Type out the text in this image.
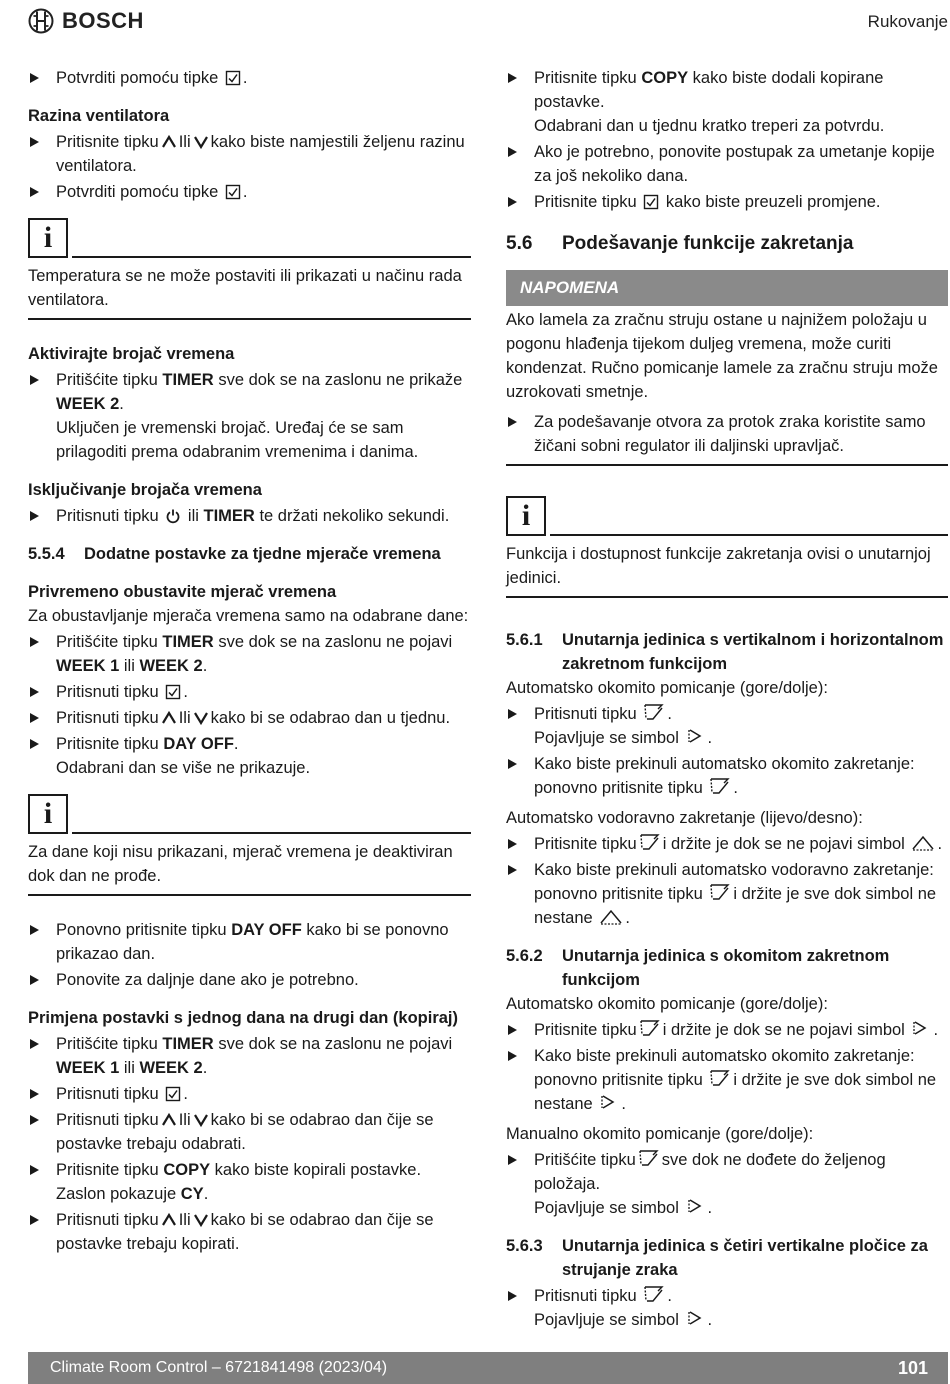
BOSCH	Rukovanje

Potvrditi pomoću tipke .

Razina ventilatora

Pritisnite tipku Ili kako biste namjestili željenu razinu ventilatora.

Potvrditi pomoću tipke .

i

Temperatura se ne može postaviti ili prikazati u načinu rada ventilatora.

Aktivirajte brojač vremena

Pritišćite tipku TIMER sve dok se na zaslonu ne prikaže WEEK 2.
Uključen je vremenski brojač. Uređaj će se sam prilagoditi prema odabranim vremenima i danima.

Isključivanje brojača vremena

Pritisnuti tipku ili TIMER te držati nekoliko sekundi.

5.5.4	Dodatne postavke za tjedne mjerače vremena

Privremeno obustavite mjerač vremena

Za obustavljanje mjerača vremena samo na odabrane dane:

Pritišćite tipku TIMER sve dok se na zaslonu ne pojavi WEEK 1 ili WEEK 2.

Pritisnuti tipku .

Pritisnuti tipku Ili kako bi se odabrao dan u tjednu.

Pritisnite tipku DAY OFF.
Odabrani dan se više ne prikazuje.

i

Za dane koji nisu prikazani, mjerač vremena je deaktiviran dok dan ne prođe.

Ponovno pritisnite tipku DAY OFF kako bi se ponovno prikazao dan.

Ponovite za daljnje dane ako je potrebno.

Primjena postavki s jednog dana na drugi dan (kopiraj)

Pritišćite tipku TIMER sve dok se na zaslonu ne pojavi WEEK 1 ili WEEK 2.

Pritisnuti tipku .

Pritisnuti tipku Ili kako bi se odabrao dan čije se postavke trebaju odabrati.

Pritisnite tipku COPY kako biste kopirali postavke.
Zaslon pokazuje CY.

Pritisnuti tipku Ili kako bi se odabrao dan čije se postavke trebaju kopirati.

Pritisnite tipku COPY kako biste dodali kopirane postavke.
Odabrani dan u tjednu kratko treperi za potvrdu.

Ako je potrebno, ponovite postupak za umetanje kopije za još nekoliko dana.

Pritisnite tipku kako biste preuzeli promjene.

5.6	Podešavanje funkcije zakretanja

NAPOMENA

Ako lamela za zračnu struju ostane u najnižem položaju u pogonu hlađenja tijekom duljeg vremena, može curiti kondenzat. Ručno pomicanje lamele za zračnu struju može uzrokovati smetnje.

Za podešavanje otvora za protok zraka koristite samo žičani sobni regulator ili daljinski upravljač.

i

Funkcija i dostupnost funkcije zakretanja ovisi o unutarnjoj jedinici.

5.6.1	Unutarnja jedinica s vertikalnom i horizontalnom zakretnom funkcijom

Automatsko okomito pomicanje (gore/dolje):

Pritisnuti tipku .
Pojavljuje se simbol .

Kako biste prekinuli automatsko okomito zakretanje: ponovno pritisnite tipku .

Automatsko vodoravno zakretanje (lijevo/desno):

Pritisnite tipku i držite je dok se ne pojavi simbol .

Kako biste prekinuli automatsko vodoravno zakretanje: ponovno pritisnite tipku i držite je sve dok simbol ne nestane .

5.6.2	Unutarnja jedinica s okomitom zakretnom funkcijom

Automatsko okomito pomicanje (gore/dolje):

Pritisnite tipku i držite je dok se ne pojavi simbol .

Kako biste prekinuli automatsko okomito zakretanje: ponovno pritisnite tipku i držite je sve dok simbol ne nestane .

Manualno okomito pomicanje (gore/dolje):

Pritišćite tipku sve dok ne dođete do željenog položaja.
Pojavljuje se simbol .

5.6.3	Unutarnja jedinica s četiri vertikalne pločice za strujanje zraka

Pritisnuti tipku .
Pojavljuje se simbol .

Climate Room Control – 6721841498 (2023/04)	101
